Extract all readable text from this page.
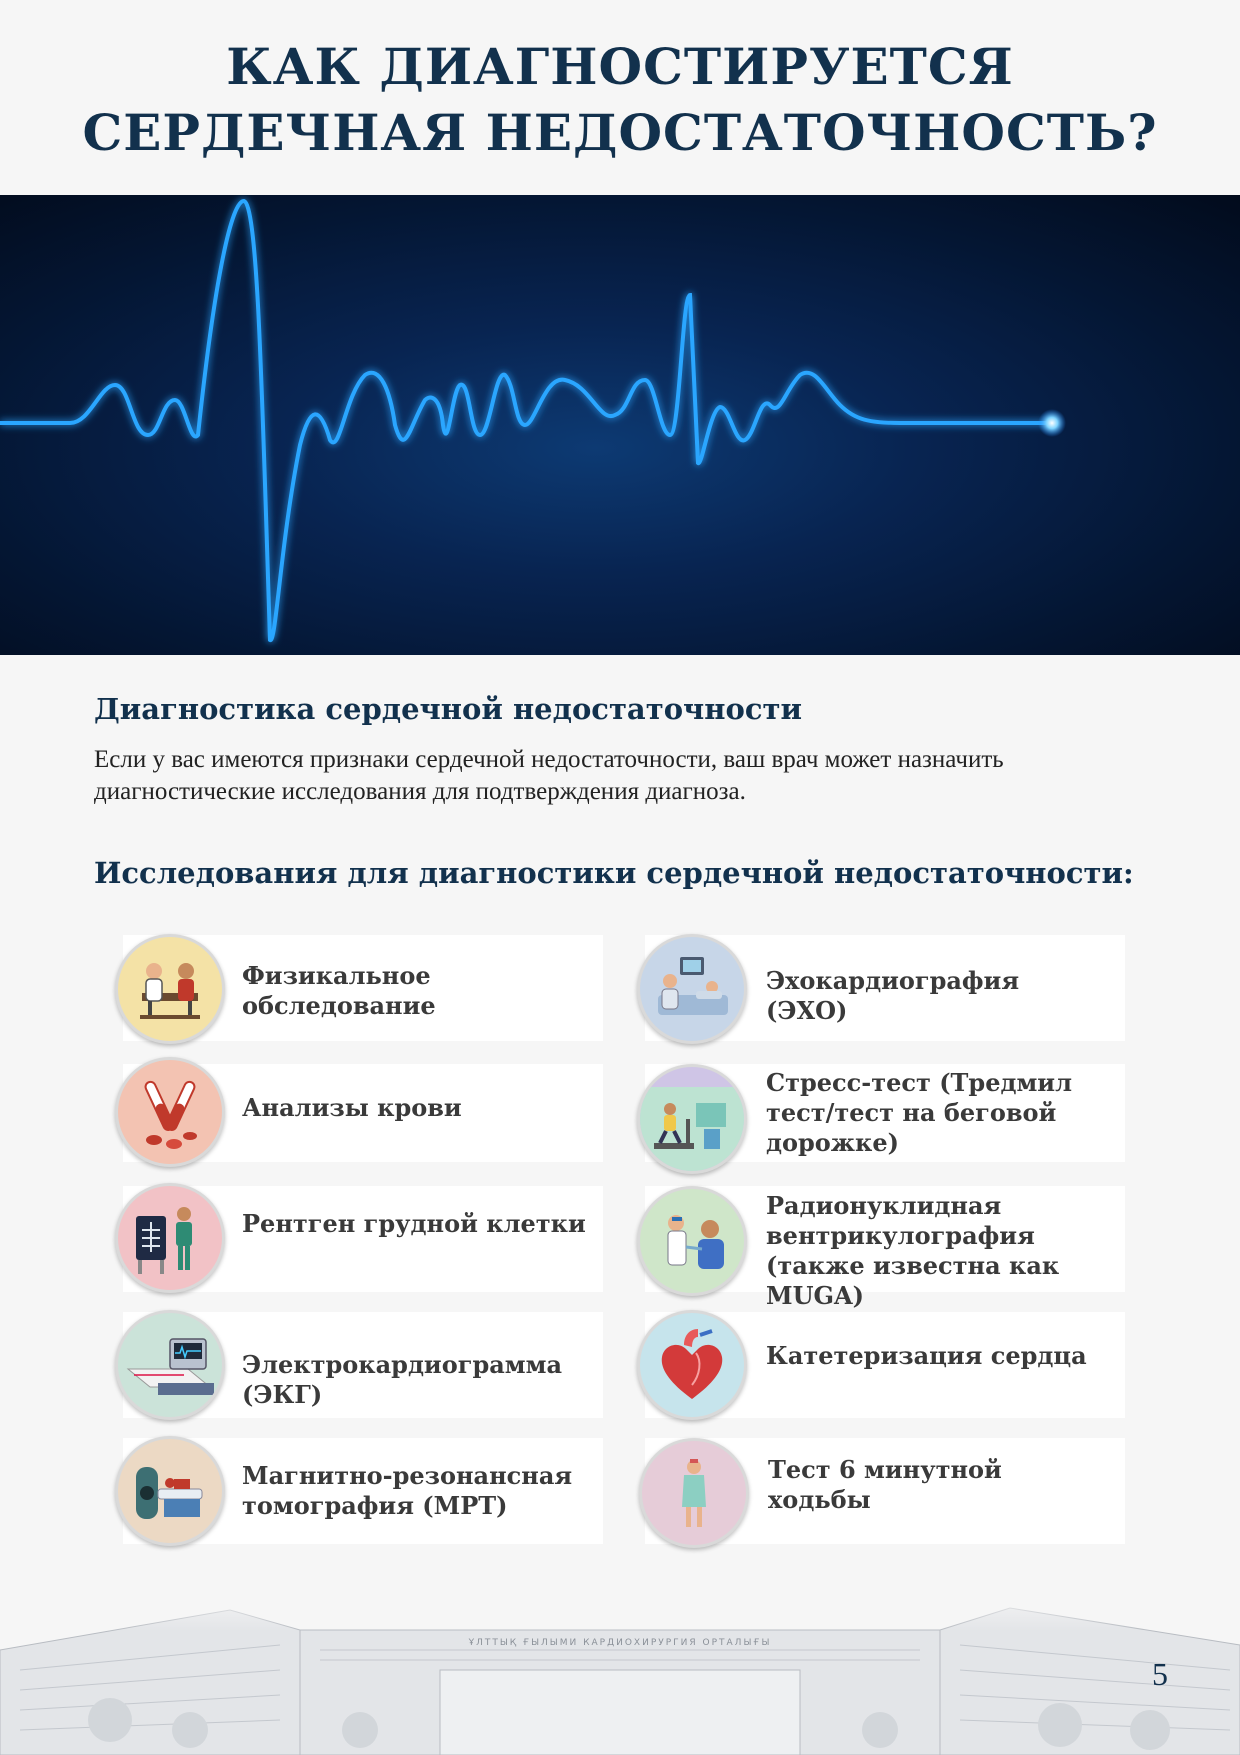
КАК ДИАГНОСТИРУЕТСЯ
СЕРДЕЧНАЯ НЕДОСТАТОЧНОСТЬ?
Диагностика сердечной недостаточности
Если у вас имеются признаки сердечной недостаточности, ваш врач может назначить диагностические исследования для подтверждения диагноза.
Исследования для диагностики сердечной недостаточности:
Физикальное обследование
Анализы крови
Рентген грудной клетки
Электрокардиограмма (ЭКГ)
Магнитно-резонансная томография (МРТ)
Эхокардиография (ЭХО)
Стресс-тест (Тредмил тест/тест на беговой дорожке)
Радионуклидная вентрикулография (также известна как MUGA)
Катетеризация сердца
Тест 6 минутной ходьбы
5
